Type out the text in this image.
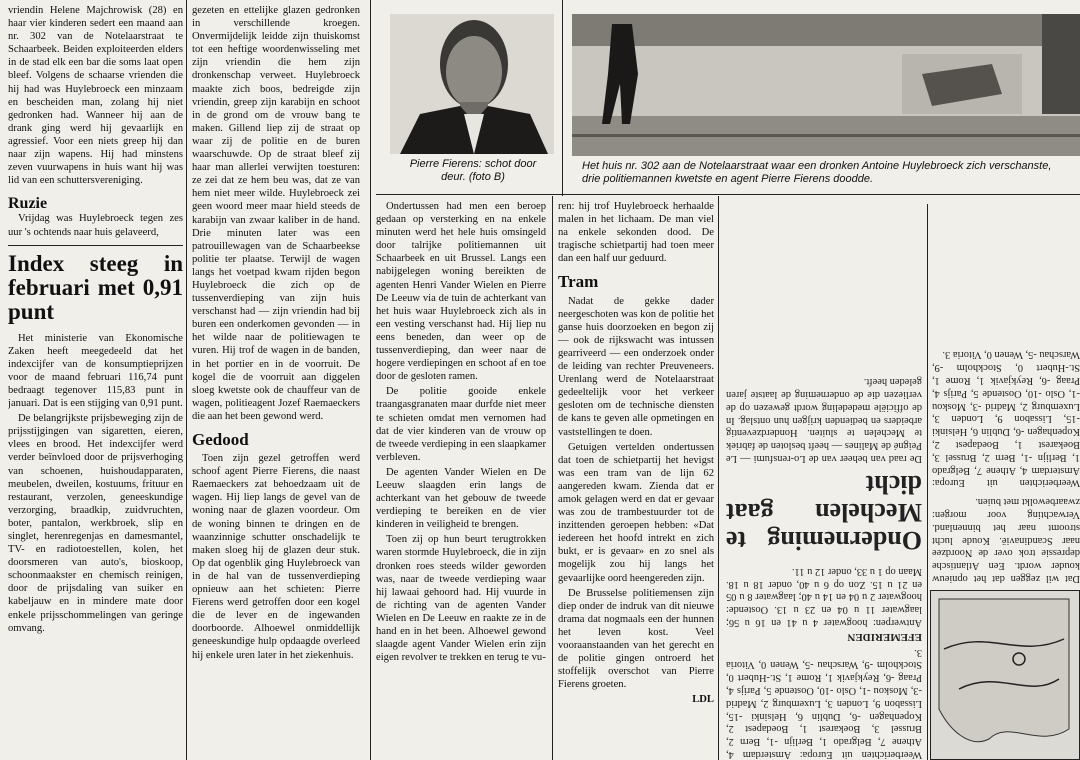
vriendin Helene Majchrowisk (28) en haar vier kinderen sedert een maand aan nr. 302 van de Notelaarstraat te Schaarbeek. Beiden exploiteerden elders in de stad elk een bar die soms laat open bleef. Volgens de schaarse vrienden die hij had was Huylebroeck een minzaam en bescheiden man, zolang hij niet gedronken had. Wanneer hij aan de drank ging werd hij gevaarlijk en agressief. Voor een niets greep hij dan naar zijn wapens. Hij had minstens zeven vuurwapens in huis want hij was lid van een schuttersvereniging.

Ruzie

Vrijdag was Huylebroeck tegen zes uur 's ochtends naar huis gelaveerd,

Index steeg in februari met 0,91 punt

Het ministerie van Ekonomische Zaken heeft meegedeeld dat het indexcijfer van de konsumptieprijzen voor de maand februari 116,74 punt bedraagt tegenover 115,83 punt in januari. Dat is een stijging van 0,91 punt.

De belangrijkste prijsbeweging zijn de prijsstijgingen van sigaretten, eieren, vlees en brood. Het indexcijfer werd verder beïnvloed door de prijsverhoging van schoenen, huishoudapparaten, meubelen, dweilen, kostuums, frituur en restaurant, verzolen, geneeskundige verzorging, braadkip, zuidvruchten, boter, pantalon, werkbroek, slip en singlet, herenregenjas en damesmantel, TV- en radiotoestellen, kolen, het doorsmeren van auto's, bioskoop, schoonmaakster en chemisch reinigen, door de prijsdaling van suiker en kabeljauw en in mindere mate door enkele prijsschommelingen van geringe omvang.

gezeten en ettelijke glazen gedronken in verschillende kroegen. Onvermijdelijk leidde zijn thuiskomst tot een heftige woordenwisseling met zijn vriendin die hem zijn dronkenschap verweet. Huylebroeck maakte zich boos, bedreigde zijn vriendin, greep zijn karabijn en schoot in de grond om de vrouw bang te maken. Gillend liep zij de straat op waar zij de politie en de buren waarschuwde. Op de straat bleef zij haar man allerlei verwijten toesturen: ze zei dat ze hem beu was, dat ze van hem niet meer wilde. Huylebroeck zei geen woord meer maar hield steeds de karabijn van zwaar kaliber in de hand. Drie minuten later was een patrouillewagen van de Schaarbeekse politie ter plaatse. Terwijl de wagen langs het voetpad kwam rijden begon Huylebroeck die zich op de tussenverdieping van zijn huis verschanst had — zijn vriendin had bij buren een onderkomen gevonden — in het wilde naar de politiewagen te vuren. Hij trof de wagen in de banden, in het portier en in de voorruit. De kogel die de voorruit aan diggelen sloeg kwetste ook de chauffeur van de wagen, politieagent Jozef Raemaeckers die aan het been gewond werd.

Gedood

Toen zijn gezel getroffen werd schoof agent Pierre Fierens, die naast Raemaeckers zat behoedzaam uit de wagen. Hij liep langs de gevel van de woning naar de glazen voordeur. Om de woning binnen te dringen en de waanzinnige schutter onschadelijk te maken sloeg hij de glazen deur stuk. Op dat ogenblik ging Huylebroeck van in de hal van de tussenverdieping opnieuw aan het schieten: Pierre Fierens werd getroffen door een kogel die de lever en de ingewanden doorboorde. Alhoewel onmiddellijk geneeskundige hulp opdaagde overleed hij enkele uren later in het ziekenhuis.

Pierre Fierens: schot door deur. (foto B)
Het huis nr. 302 aan de Notelaarstraat waar een dronken Antoine Huylebroeck zich verschanste, drie politiemannen kwetste en agent Pierre Fierens doodde.

Ondertussen had men een beroep gedaan op versterking en na enkele minuten werd het hele huis omsingeld door talrijke politiemannen uit Schaarbeek en uit Brussel. Langs een nabijgelegen woning bereikten de agenten Henri Vander Wielen en Pierre De Leeuw via de tuin de achterkant van het huis waar Huylebroeck zich als in een vesting verschanst had. Hij liep nu eens beneden, dan weer op de tussenverdieping, dan weer naar de hogere verdiepingen en schoot af en toe door de gesloten ramen.

De politie gooide enkele traangasgranaten maar durfde niet meer te schieten omdat men vernomen had dat de vier kinderen van de vrouw op de tweede verdieping in een slaapkamer verbleven.

De agenten Vander Wielen en De Leeuw slaagden erin langs de achterkant van het gebouw de tweede verdieping te bereiken en de vier kinderen in veiligheid te brengen.

Toen zij op hun beurt terugtrokken waren stormde Huylebroeck, die in zijn dronken roes steeds wilder geworden was, naar de tweede verdieping waar hij lawaai gehoord had. Hij vuurde in de richting van de agenten Vander Wielen en De Leeuw en raakte ze in de hand en in het been. Alhoewel gewond slaagde agent Vander Wielen erin zijn eigen revolver te trekken en terug te vu-

ren: hij trof Huylebroeck herhaalde malen in het lichaam. De man viel na enkele sekonden dood. De tragische schietpartij had toen meer dan een half uur geduurd.

Tram

Nadat de gekke dader neergeschoten was kon de politie het ganse huis doorzoeken en begon zij — ook de rijkswacht was intussen gearriveerd — een onderzoek onder de leiding van rechter Preuveneers. Urenlang werd de Notelaarstraat gedeeltelijk voor het verkeer gesloten om de technische diensten de kans te geven alle opmetingen en vaststellingen te doen.

Getuigen vertelden ondertussen dat toen de schietpartij het hevigst was een tram van de lijn 62 aangereden kwam. Zienda dat er amok gelagen werd en dat er gevaar was zou de trambestuurder tot de inzittenden geroepen hebben: «Dat iedereen het hoofd intrekt en zich bukt, er is gevaar» en zo snel als mogelijk zou hij langs het gevaarlijke oord heengereden zijn.

De Brusselse politiemensen zijn diep onder de indruk van dit nieuwe drama dat nogmaals een der hunnen het leven kost. Veel vooraanstaanden van het gerecht en de politie gingen ontroerd het stoffelijk overschot van Pierre Fierens groeten.

LDL

Dat wil zeggen dat het opnieuw kouder wordt. Een Atlantische depressie trok over de Noordzee naar Scandinavië. Koude lucht stroomt naar het binnenland. Verwachting voor morgen: zwaarbewolkt met buien.

Weerberichten uit Europa: Amsterdam 4, Athene 7, Belgrado 1, Berlijn -1, Bern 2, Brussel 3, Boekarest 1, Boedapest 2, Kopenhagen -6, Dublin 6, Helsinki -15, Lissabon 9, Londen 3, Luxemburg 2, Madrid -3, Moskou -1, Oslo -10, Oostende 5, Parijs 4, Praag -6, Reykjavik 1, Rome 1, St.-Hubert 0, Stockholm -9, Warschau -5, Wenen 0, Vitoria 3.

Weerberichten uit Europa: Amsterdam 4, Athene 7, Belgrado 1, Berlijn -1, Bern 2, Brussel 3, Boekarest 1, Boedapest 2, Kopenhagen -6, Dublin 6, Helsinki -15, Lissabon 9, Londen 3, Luxemburg 2, Madrid -3, Moskou -1, Oslo -10, Oostende 5, Parijs 4, Praag -6, Reykjavik 1, Rome 1, St.-Hubert 0, Stockholm -9, Warschau -5, Wenen 0, Vitoria 3.

EFEMERIDEN

Antwerpen: hoogwater 4 u 41 en 16 u 56; laagwater 11 u 04 en 23 u 13. Oostende: hoogwater 2 u 04 en 14 u 40; laagwater 8 u 05 en 21 u 15. Zon op 6 u 40, onder 18 u 18. Maan op 1 u 33, onder 12 u 11.

Onderneming te Mechelen gaat dicht

De raad van beheer van de Lo-rensfumi — Le Peigné de Malines — heeft besloten de fabriek te Mechelen te sluiten. Honderdzeventig arbeiders en bedienden krijgen hun ontslag. In de officiële mededeling wordt gewezen op de verliezen die de onderneming de laatste jaren geleden heeft.
